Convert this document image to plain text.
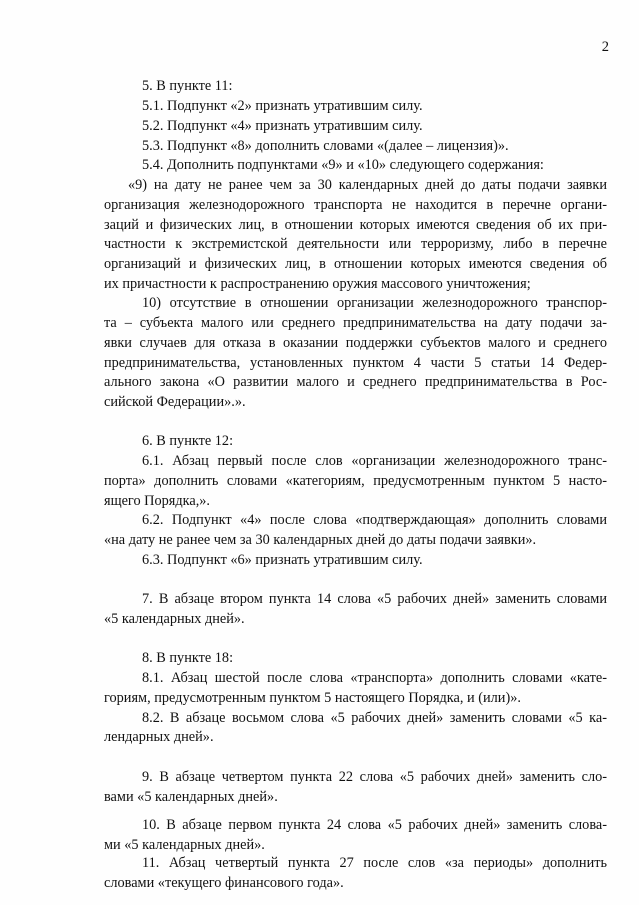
2
5. В пункте 11:
5.1. Подпункт «2» признать утратившим силу.
5.2. Подпункт «4» признать утратившим силу.
5.3. Подпункт «8» дополнить словами «(далее – лицензия)».
5.4. Дополнить подпунктами «9» и «10» следующего содержания:
«9) на дату не ранее чем за 30 календарных дней до даты подачи заявки
организация железнодорожного транспорта не находится в перечне органи-
заций и физических лиц, в отношении которых имеются сведения об их при-
частности к экстремистской деятельности или терроризму, либо в перечне
организаций и физических лиц, в отношении которых имеются сведения об
их причастности к распространению оружия массового уничтожения;
10) отсутствие в отношении организации железнодорожного транспор-
та – субъекта малого или среднего предпринимательства на дату подачи за-
явки случаев для отказа в оказании поддержки субъектов малого и среднего
предпринимательства, установленных пунктом 4 части 5 статьи 14 Федер-
ального закона «О развитии малого и среднего предпринимательства в Рос-
сийской Федерации».».
6. В пункте 12:
6.1. Абзац первый после слов «организации железнодорожного транс-
порта» дополнить словами «категориям, предусмотренным пунктом 5 насто-
ящего Порядка,».
6.2. Подпункт «4» после слова «подтверждающая» дополнить словами
«на дату не ранее чем за 30 календарных дней до даты подачи заявки».
6.3. Подпункт «6» признать утратившим силу.
7. В абзаце втором пункта 14 слова «5 рабочих дней» заменить словами
«5 календарных дней».
8. В пункте 18:
8.1. Абзац шестой после слова «транспорта» дополнить словами «кате-
гориям, предусмотренным пунктом 5 настоящего Порядка, и (или)».
8.2. В абзаце восьмом слова «5 рабочих дней» заменить словами «5 ка-
лендарных дней».
9. В абзаце четвертом пункта 22 слова «5 рабочих дней» заменить сло-
вами «5 календарных дней».
10. В абзаце первом пункта 24 слова «5 рабочих дней» заменить слова-
ми «5 календарных дней».
11. Абзац четвертый пункта 27 после слов «за периоды» дополнить
словами «текущего финансового года».
